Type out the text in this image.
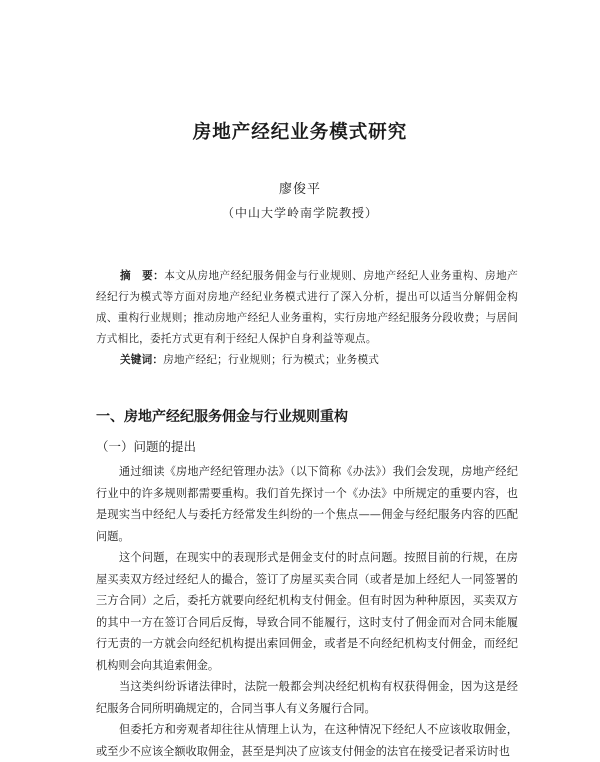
房地产经纪业务模式研究
廖俊平
（中山大学岭南学院教授）

摘　要：本文从房地产经纪服务佣金与行业规则、房地产经纪人业务重构、房地产经纪行为模式等方面对房地产经纪业务模式进行了深入分析，提出可以适当分解佣金构成、重构行业规则；推动房地产经纪人业务重构，实行房地产经纪服务分段收费；与居间方式相比，委托方式更有利于经纪人保护自身利益等观点。

关键词：房地产经纪；行业规则；行为模式；业务模式
一、房地产经纪服务佣金与行业规则重构
（一）问题的提出

通过细读《房地产经纪管理办法》（以下简称《办法》）我们会发现，房地产经纪行业中的许多规则都需要重构。我们首先探讨一个《办法》中所规定的重要内容，也是现实当中经纪人与委托方经常发生纠纷的一个焦点——佣金与经纪服务内容的匹配问题。

这个问题，在现实中的表现形式是佣金支付的时点问题。按照目前的行规，在房屋买卖双方经过经纪人的撮合，签订了房屋买卖合同（或者是加上经纪人一同签署的三方合同）之后，委托方就要向经纪机构支付佣金。但有时因为种种原因，买卖双方的其中一方在签订合同后反悔，导致合同不能履行，这时支付了佣金而对合同未能履行无责的一方就会向经纪机构提出索回佣金，或者是不向经纪机构支付佣金，而经纪机构则会向其追索佣金。

当这类纠纷诉诸法律时，法院一般都会判决经纪机构有权获得佣金，因为这是经纪服务合同所明确规定的，合同当事人有义务履行合同。

但委托方和旁观者却往往从情理上认为，在这种情况下经纪人不应该收取佣金，或至少不应该全额收取佣金，甚至是判决了应该支付佣金的法官在接受记者采访时也
